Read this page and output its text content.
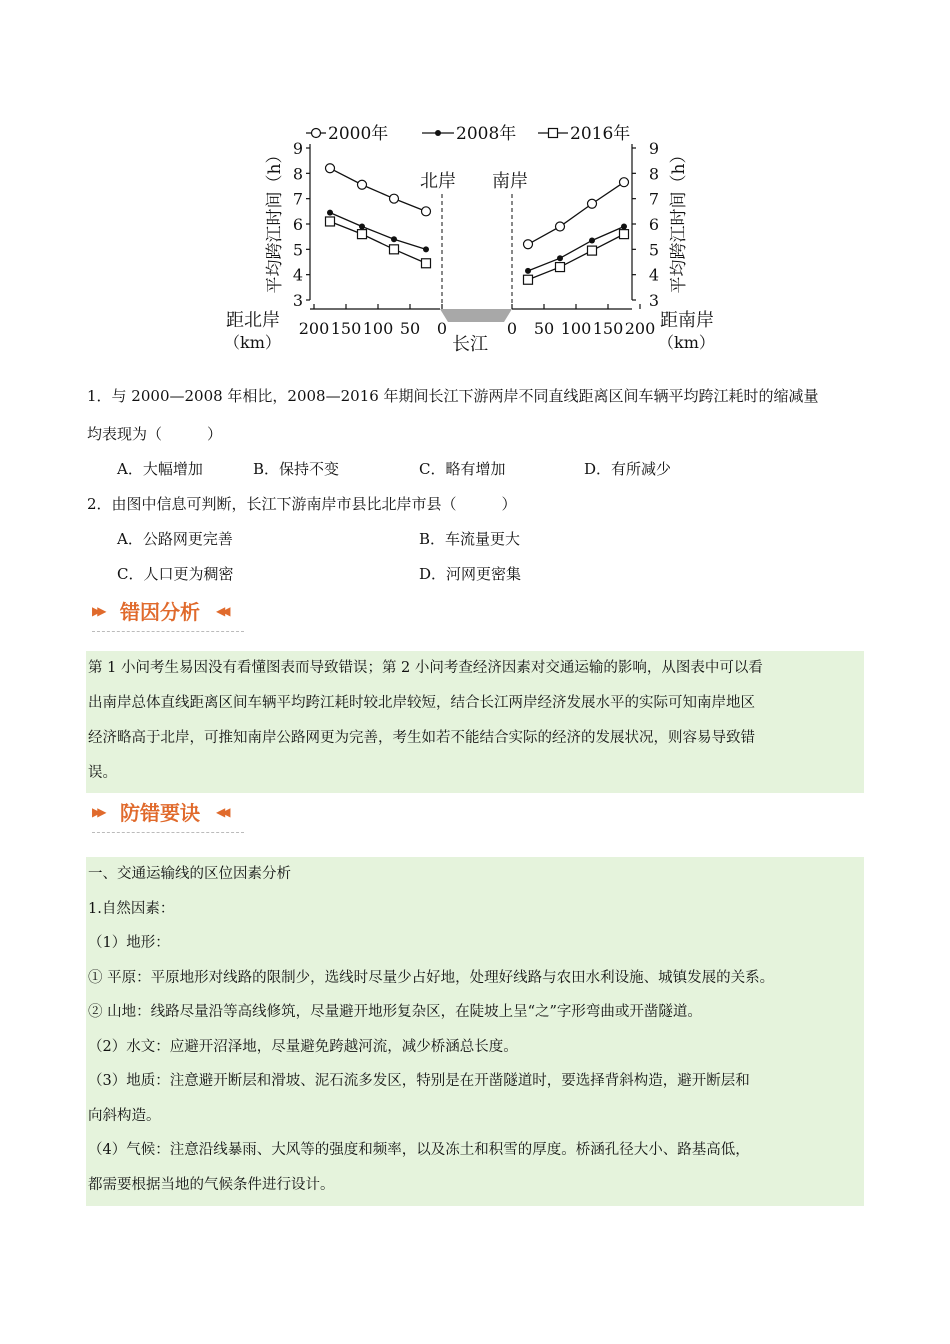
2000年	2008年	2016年
北岸 南岸
长江
平均跨江时间（h）	平均跨江时间（h）
距北岸
（km）
距南岸
（km）
3	3
4	4
5	5
6	6
7	7
8	8
9	9
200 150 100 50 0	0 50 100 150 200
1．与 2000—2008 年相比，2008—2016 年期间长江下游两岸不同直线距离区间车辆平均跨江耗时的缩减量
均表现为（　　　）
A．大幅增加	B．保持不变	C．略有增加	D．有所减少
2．由图中信息可判断，长江下游南岸市县比北岸市县（　　　）
A．公路网更完善	B．车流量更大
C．人口更为稠密	D．河网更密集
▶▶ 错因分析 ◀◀

第 1 小问考生易因没有看懂图表而导致错误；第 2 小问考查经济因素对交通运输的影响，从图表中可以看

出南岸总体直线距离区间车辆平均跨江耗时较北岸较短，结合长江两岸经济发展水平的实际可知南岸地区

经济略高于北岸，可推知南岸公路网更为完善，考生如若不能结合实际的经济的发展状况，则容易导致错

误。

▶▶ 防错要诀 ◀◀

一、交通运输线的区位因素分析

1.自然因素：

（1）地形：

① 平原：平原地形对线路的限制少，选线时尽量少占好地，处理好线路与农田水利设施、城镇发展的关系。

② 山地：线路尽量沿等高线修筑，尽量避开地形复杂区，在陡坡上呈“之”字形弯曲或开凿隧道。

（2）水文：应避开沼泽地，尽量避免跨越河流，减少桥涵总长度。

（3）地质：注意避开断层和滑坡、泥石流多发区，特别是在开凿隧道时，要选择背斜构造，避开断层和

向斜构造。

（4）气候：注意沿线暴雨、大风等的强度和频率，以及冻土和积雪的厚度。桥涵孔径大小、路基高低，

都需要根据当地的气候条件进行设计。
